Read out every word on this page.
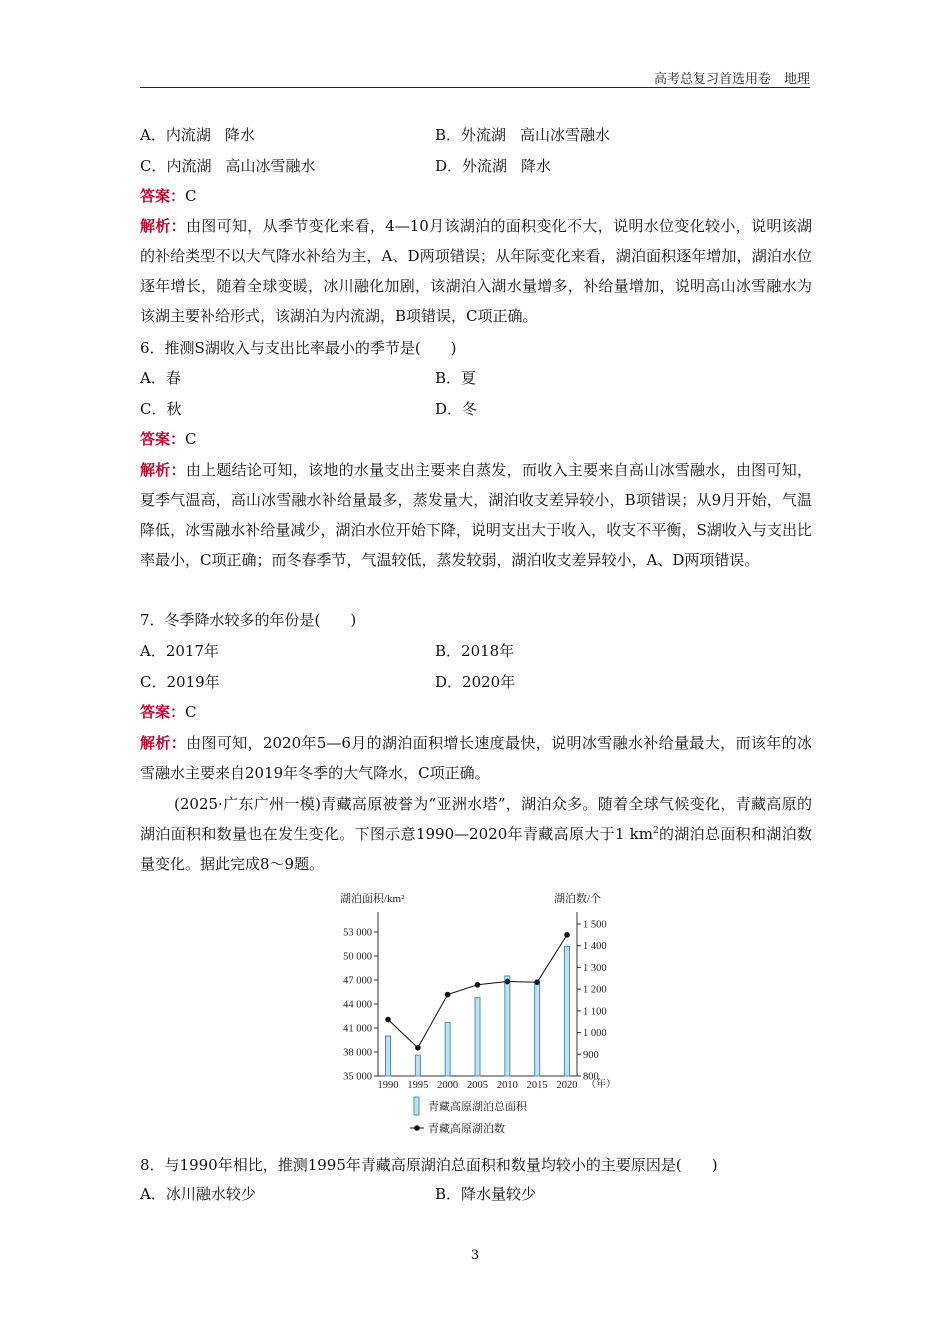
高考总复习首选用卷　地理
A．内流湖 降水	B．外流湖 高山冰雪融水
C．内流湖 高山冰雪融水	D．外流湖 降水
答案：C
解析：由图可知，从季节变化来看，4—10月该湖泊的面积变化不大，说明水位变化较小，说明该湖的补给类型不以大气降水补给为主，A、D两项错误；从年际变化来看，湖泊面积逐年增加，湖泊水位逐年增长，随着全球变暖，冰川融化加剧，该湖泊入湖水量增多，补给量增加，说明高山冰雪融水为该湖主要补给形式，该湖泊为内流湖，B项错误，C项正确。
6．推测S湖收入与支出比率最小的季节是(　　)
A．春	B．夏
C．秋	D．冬
答案：C
解析：由上题结论可知，该地的水量支出主要来自蒸发，而收入主要来自高山冰雪融水，由图可知，夏季气温高，高山冰雪融水补给量最多，蒸发量大，湖泊收支差异较小，B项错误；从9月开始，气温降低，冰雪融水补给量减少，湖泊水位开始下降，说明支出大于收入，收支不平衡，S湖收入与支出比率最小，C项正确；而冬春季节，气温较低，蒸发较弱，湖泊收支差异较小，A、D两项错误。
7．冬季降水较多的年份是(　　)
A．2017年	B．2018年
C．2019年	D．2020年
答案：C
解析：由图可知，2020年5—6月的湖泊面积增长速度最快，说明冰雪融水补给量最大，而该年的冰雪融水主要来自2019年冬季的大气降水，C项正确。
(2025·广东广州一模)青藏高原被誉为“亚洲水塔”，湖泊众多。随着全球气候变化，青藏高原的湖泊面积和数量也在发生变化。下图示意1990—2020年青藏高原大于1 $km^2$的湖泊总面积和湖泊数量变化。据此完成8～9题。
湖泊面积/km²	湖泊数/个
（年）
35 000
38 000
41 000
44 000
47 000
50 000
53 000
800
900
1 000
1 100
1 200
1 300
1 400
1 500
1990 1995 2000 2005 2010 2015 2020
青藏高原湖泊总面积
青藏高原湖泊数
8．与1990年相比，推测1995年青藏高原湖泊总面积和数量均较小的主要原因是(　　)
A．冰川融水较少	B．降水量较少
3
